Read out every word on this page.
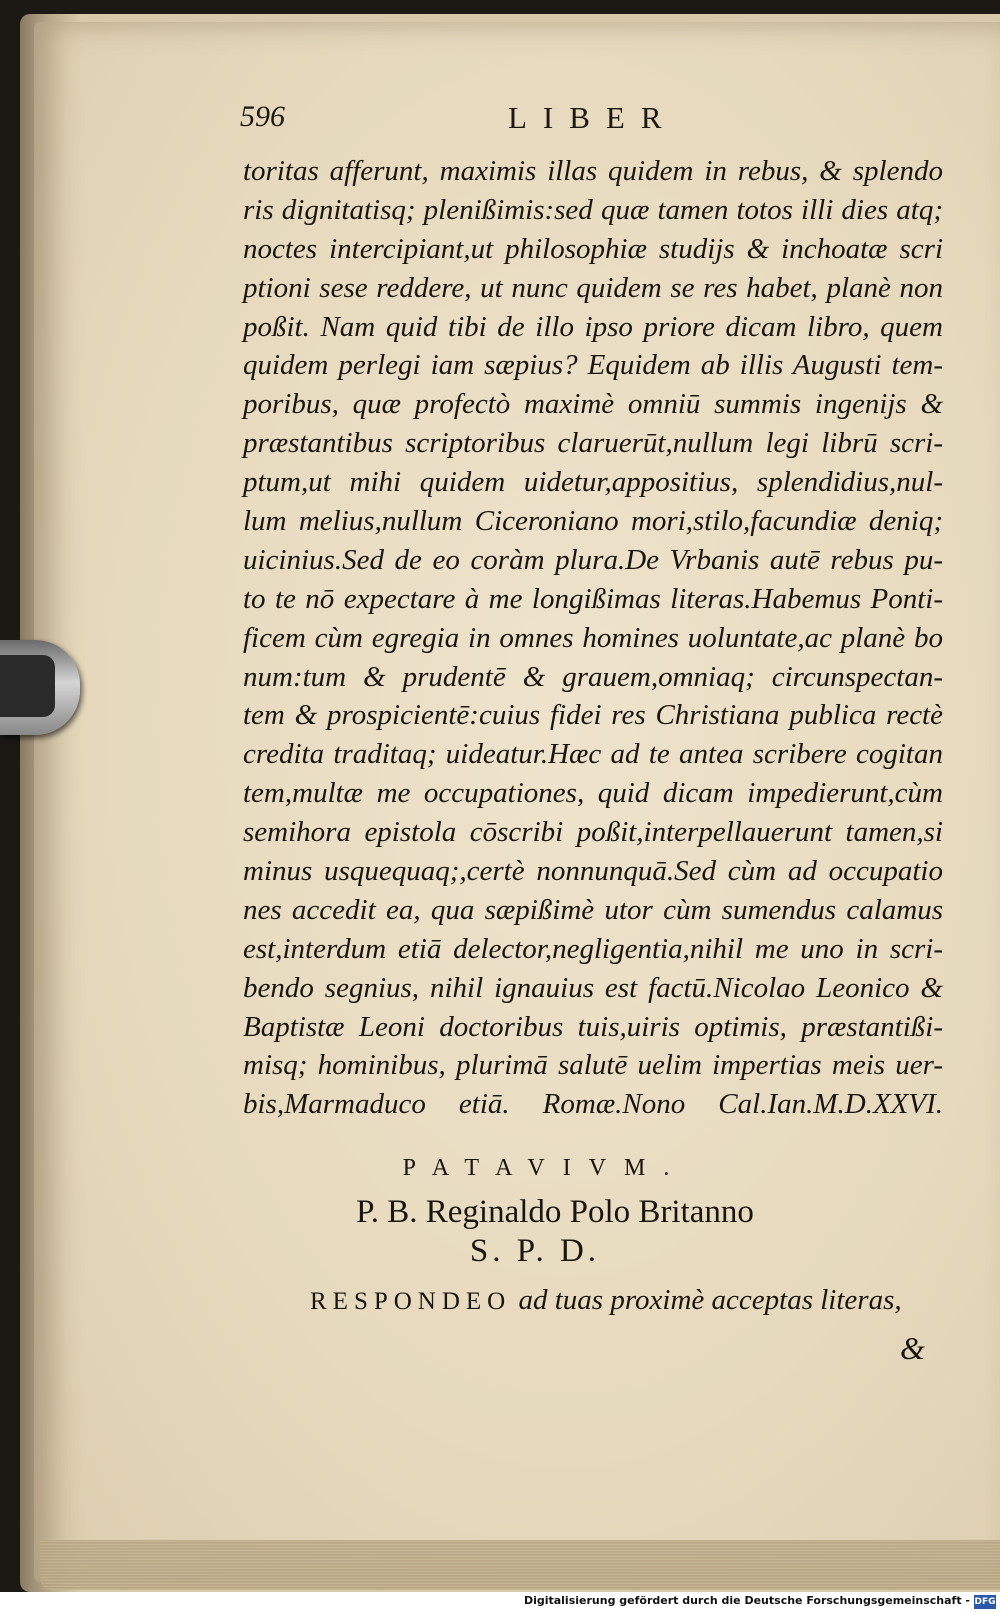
596	LIBER
toritas afferunt, maximis illas quidem in rebus, & splendo
ris dignitatisq; plenißimis:sed quæ tamen totos illi dies atq;
noctes intercipiant,ut philosophiæ studijs & inchoatæ scri
ptioni sese reddere, ut nunc quidem se res habet, planè non
poßit. Nam quid tibi de illo ipso priore dicam libro, quem
quidem perlegi iam sæpius? Equidem ab illis Augusti tem-
poribus, quæ profectò maximè omniū summis ingenijs &
præstantibus scriptoribus claruerūt,nullum legi librū scri-
ptum,ut mihi quidem uidetur,appositius, splendidius,nul-
lum melius,nullum Ciceroniano mori,stilo,facundiæ deniq;
uicinius.Sed de eo coràm plura.De Vrbanis autē rebus pu-
to te nō expectare à me longißimas literas.Habemus Ponti-
ficem cùm egregia in omnes homines uoluntate,ac planè bo
num:tum & prudentē & grauem,omniaq; circunspectan-
tem & prospicientē:cuius fidei res Christiana publica rectè
credita traditaq; uideatur.Hæc ad te antea scribere cogitan
tem,multæ me occupationes, quid dicam impedierunt,cùm
semihora epistola cōscribi poßit,interpellauerunt tamen,si
minus usquequaq;,certè nonnunquā.Sed cùm ad occupatio
nes accedit ea, qua sæpißimè utor cùm sumendus calamus
est,interdum etiā delector,negligentia,nihil me uno in scri-
bendo segnius, nihil ignauius est factū.Nicolao Leonico &
Baptistæ Leoni doctoribus tuis,uiris optimis, præstantißi-
misq; hominibus, plurimā salutē uelim impertias meis uer-
bis,Marmaduco etiā. Romæ.Nono Cal.Ian.M.D.XXVI.
PATAVIVM.
P. B. Reginaldo Polo Britanno
S. P. D.
RESPONDEO ad tuas proximè acceptas literas,
&
Digitalisierung gefördert durch die Deutsche Forschungsgemeinschaft - DFG
